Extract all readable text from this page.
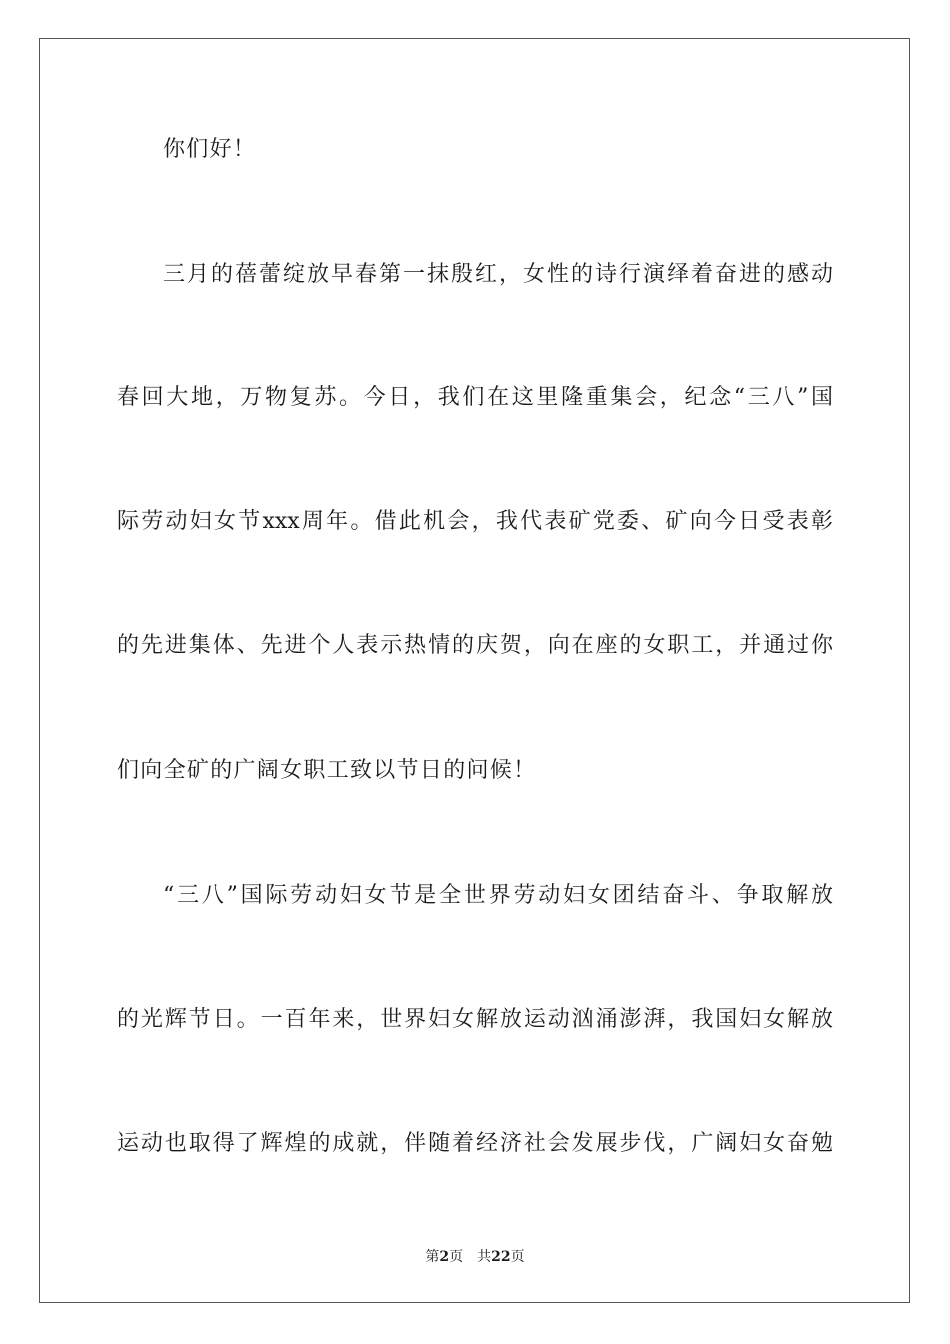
你们好！
三月的蓓蕾绽放早春第一抹殷红，女性的诗行演绎着奋进的感动
春回大地，万物复苏。今日，我们在这里隆重集会，纪念“三八”国
际劳动妇女节xxx周年。借此机会，我代表矿党委、矿向今日受表彰
的先进集体、先进个人表示热情的庆贺，向在座的女职工，并通过你
们向全矿的广阔女职工致以节日的问候！
“三八”国际劳动妇女节是全世界劳动妇女团结奋斗、争取解放
的光辉节日。一百年来，世界妇女解放运动汹涌澎湃，我国妇女解放
运动也取得了辉煌的成就，伴随着经济社会发展步伐，广阔妇女奋勉
第2页 共22页
